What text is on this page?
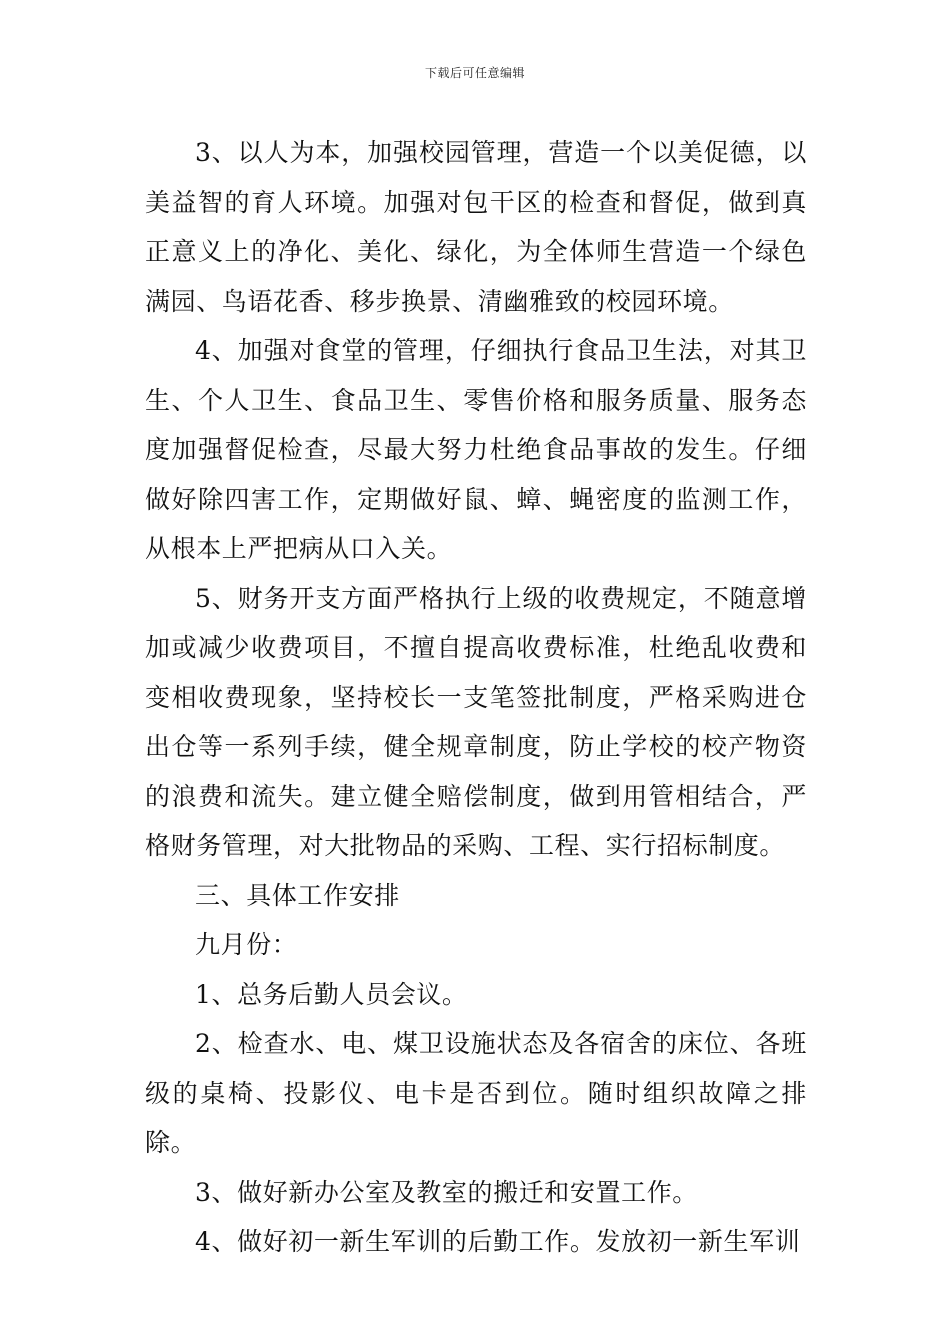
下载后可任意编辑

3、以人为本，加强校园管理，营造一个以美促德，以美益智的育人环境。加强对包干区的检查和督促，做到真正意义上的净化、美化、绿化，为全体师生营造一个绿色满园、鸟语花香、移步换景、清幽雅致的校园环境。

4、加强对食堂的管理，仔细执行食品卫生法，对其卫生、个人卫生、食品卫生、零售价格和服务质量、服务态度加强督促检查，尽最大努力杜绝食品事故的发生。仔细做好除四害工作，定期做好鼠、蟑、蝇密度的监测工作，从根本上严把病从口入关。

5、财务开支方面严格执行上级的收费规定，不随意增加或减少收费项目，不擅自提高收费标准，杜绝乱收费和变相收费现象，坚持校长一支笔签批制度，严格采购进仓出仓等一系列手续，健全规章制度，防止学校的校产物资的浪费和流失。建立健全赔偿制度，做到用管相结合，严格财务管理，对大批物品的采购、工程、实行招标制度。

三、具体工作安排

九月份：

1、总务后勤人员会议。

2、检查水、电、煤卫设施状态及各宿舍的床位、各班级的桌椅、投影仪、电卡是否到位。随时组织故障之排除。

3、做好新办公室及教室的搬迁和安置工作。

4、做好初一新生军训的后勤工作。发放初一新生军训
